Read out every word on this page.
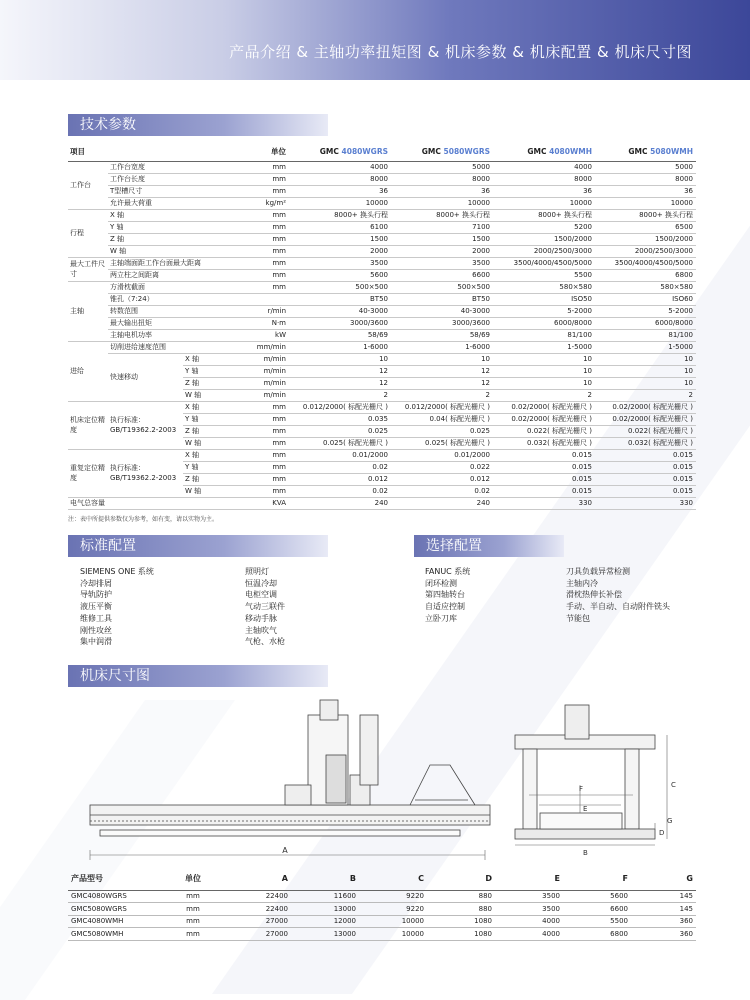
产品介绍 & 主轴功率扭矩图 & 机床参数 & 机床配置 & 机床尺寸图
技术参数
项目			单位	GMC 4080WGRS	GMC 5080WGRS	GMC 4080WMH	GMC 5080WMH
工作台	工作台宽度		mm	4000	5000	4000	5000
	工作台长度		mm	8000	8000	8000	8000
	T型槽尺寸		mm	36	36	36	36
	允许最大荷重		kg/m²	10000	10000	10000	10000
行程	X 轴		mm	8000+ 换头行程	8000+ 换头行程	8000+ 换头行程	8000+ 换头行程
	Y 轴		mm	6100	7100	5200	6500
	Z 轴		mm	1500	1500	1500/2000	1500/2000
	W 轴		mm	2000	2000	2000/2500/3000	2000/2500/3000
最大工件尺寸	主轴端面距工作台面最大距离		mm	3500	3500	3500/4000/4500/5000	3500/4000/4500/5000
	两立柱之间距离		mm	5600	6600	5500	6800
主轴	方滑枕截面		mm	500×500	500×500	580×580	580×580
	锥孔（7:24）			BT50	BT50	ISO50	ISO60
	转数范围		r/min	40-3000	40-3000	5-2000	5-2000
	最大输出扭矩		N·m	3000/3600	3000/3600	6000/8000	6000/8000
	主轴电机功率		kW	58/69	58/69	81/100	81/100
进给	切削进给速度范围		mm/min	1-6000	1-6000	1-5000	1-5000
	快速移动	X 轴	m/min	10	10	10	10
		Y 轴	m/min	12	12	10	10
		Z 轴	m/min	12	12	10	10
		W 轴	m/min	2	2	2	2
机床定位精度	执行标准：GB/T19362.2-2003	X 轴	mm	0.012/2000( 标配光栅尺 )	0.012/2000( 标配光栅尺 )	0.02/2000( 标配光栅尺 )	0.02/2000( 标配光栅尺 )
		Y 轴	mm	0.035	0.04( 标配光栅尺 )	0.02/2000( 标配光栅尺 )	0.02/2000( 标配光栅尺 )
		Z 轴	mm	0.025	0.025	0.022( 标配光栅尺 )	0.022( 标配光栅尺 )
		W 轴	mm	0.025( 标配光栅尺 )	0.025( 标配光栅尺 )	0.032( 标配光栅尺 )	0.032( 标配光栅尺 )
重复定位精度	执行标准：GB/T19362.2-2003	X 轴	mm	0.01/2000	0.01/2000	0.015	0.015
		Y 轴	mm	0.02	0.022	0.015	0.015
		Z 轴	mm	0.012	0.012	0.015	0.015
		W 轴	mm	0.02	0.02	0.015	0.015
电气总容量			KVA	240	240	330	330
注：表中所提供参数仅为参考，如有变，请以实物为主。
标准配置	选择配置
SIEMENS ONE 系统
冷却排屑
导轨防护
液压平衡
维修工具
刚性攻丝
集中润滑
照明灯
恒温冷却
电柜空调
气动三联件
移动手脉
主轴吹气
气枪、水枪
FANUC 系统
闭环检测
第四轴转台
自适应控制
立卧刀库
刀具负载异常检测
主轴内冷
滑枕热伸长补偿
手动、半自动、自动附件铣头
节能包
机床尺寸图
A
C
F
E
B
D
G
产品型号	单位	A	B	C	D	E	F	G
GMC4080WGRS	mm	22400	11600	9220	880	3500	5600	145
GMC5080WGRS	mm	22400	13000	9220	880	3500	6600	145
GMC4080WMH	mm	27000	12000	10000	1080	4000	5500	360
GMC5080WMH	mm	27000	13000	10000	1080	4000	6800	360
